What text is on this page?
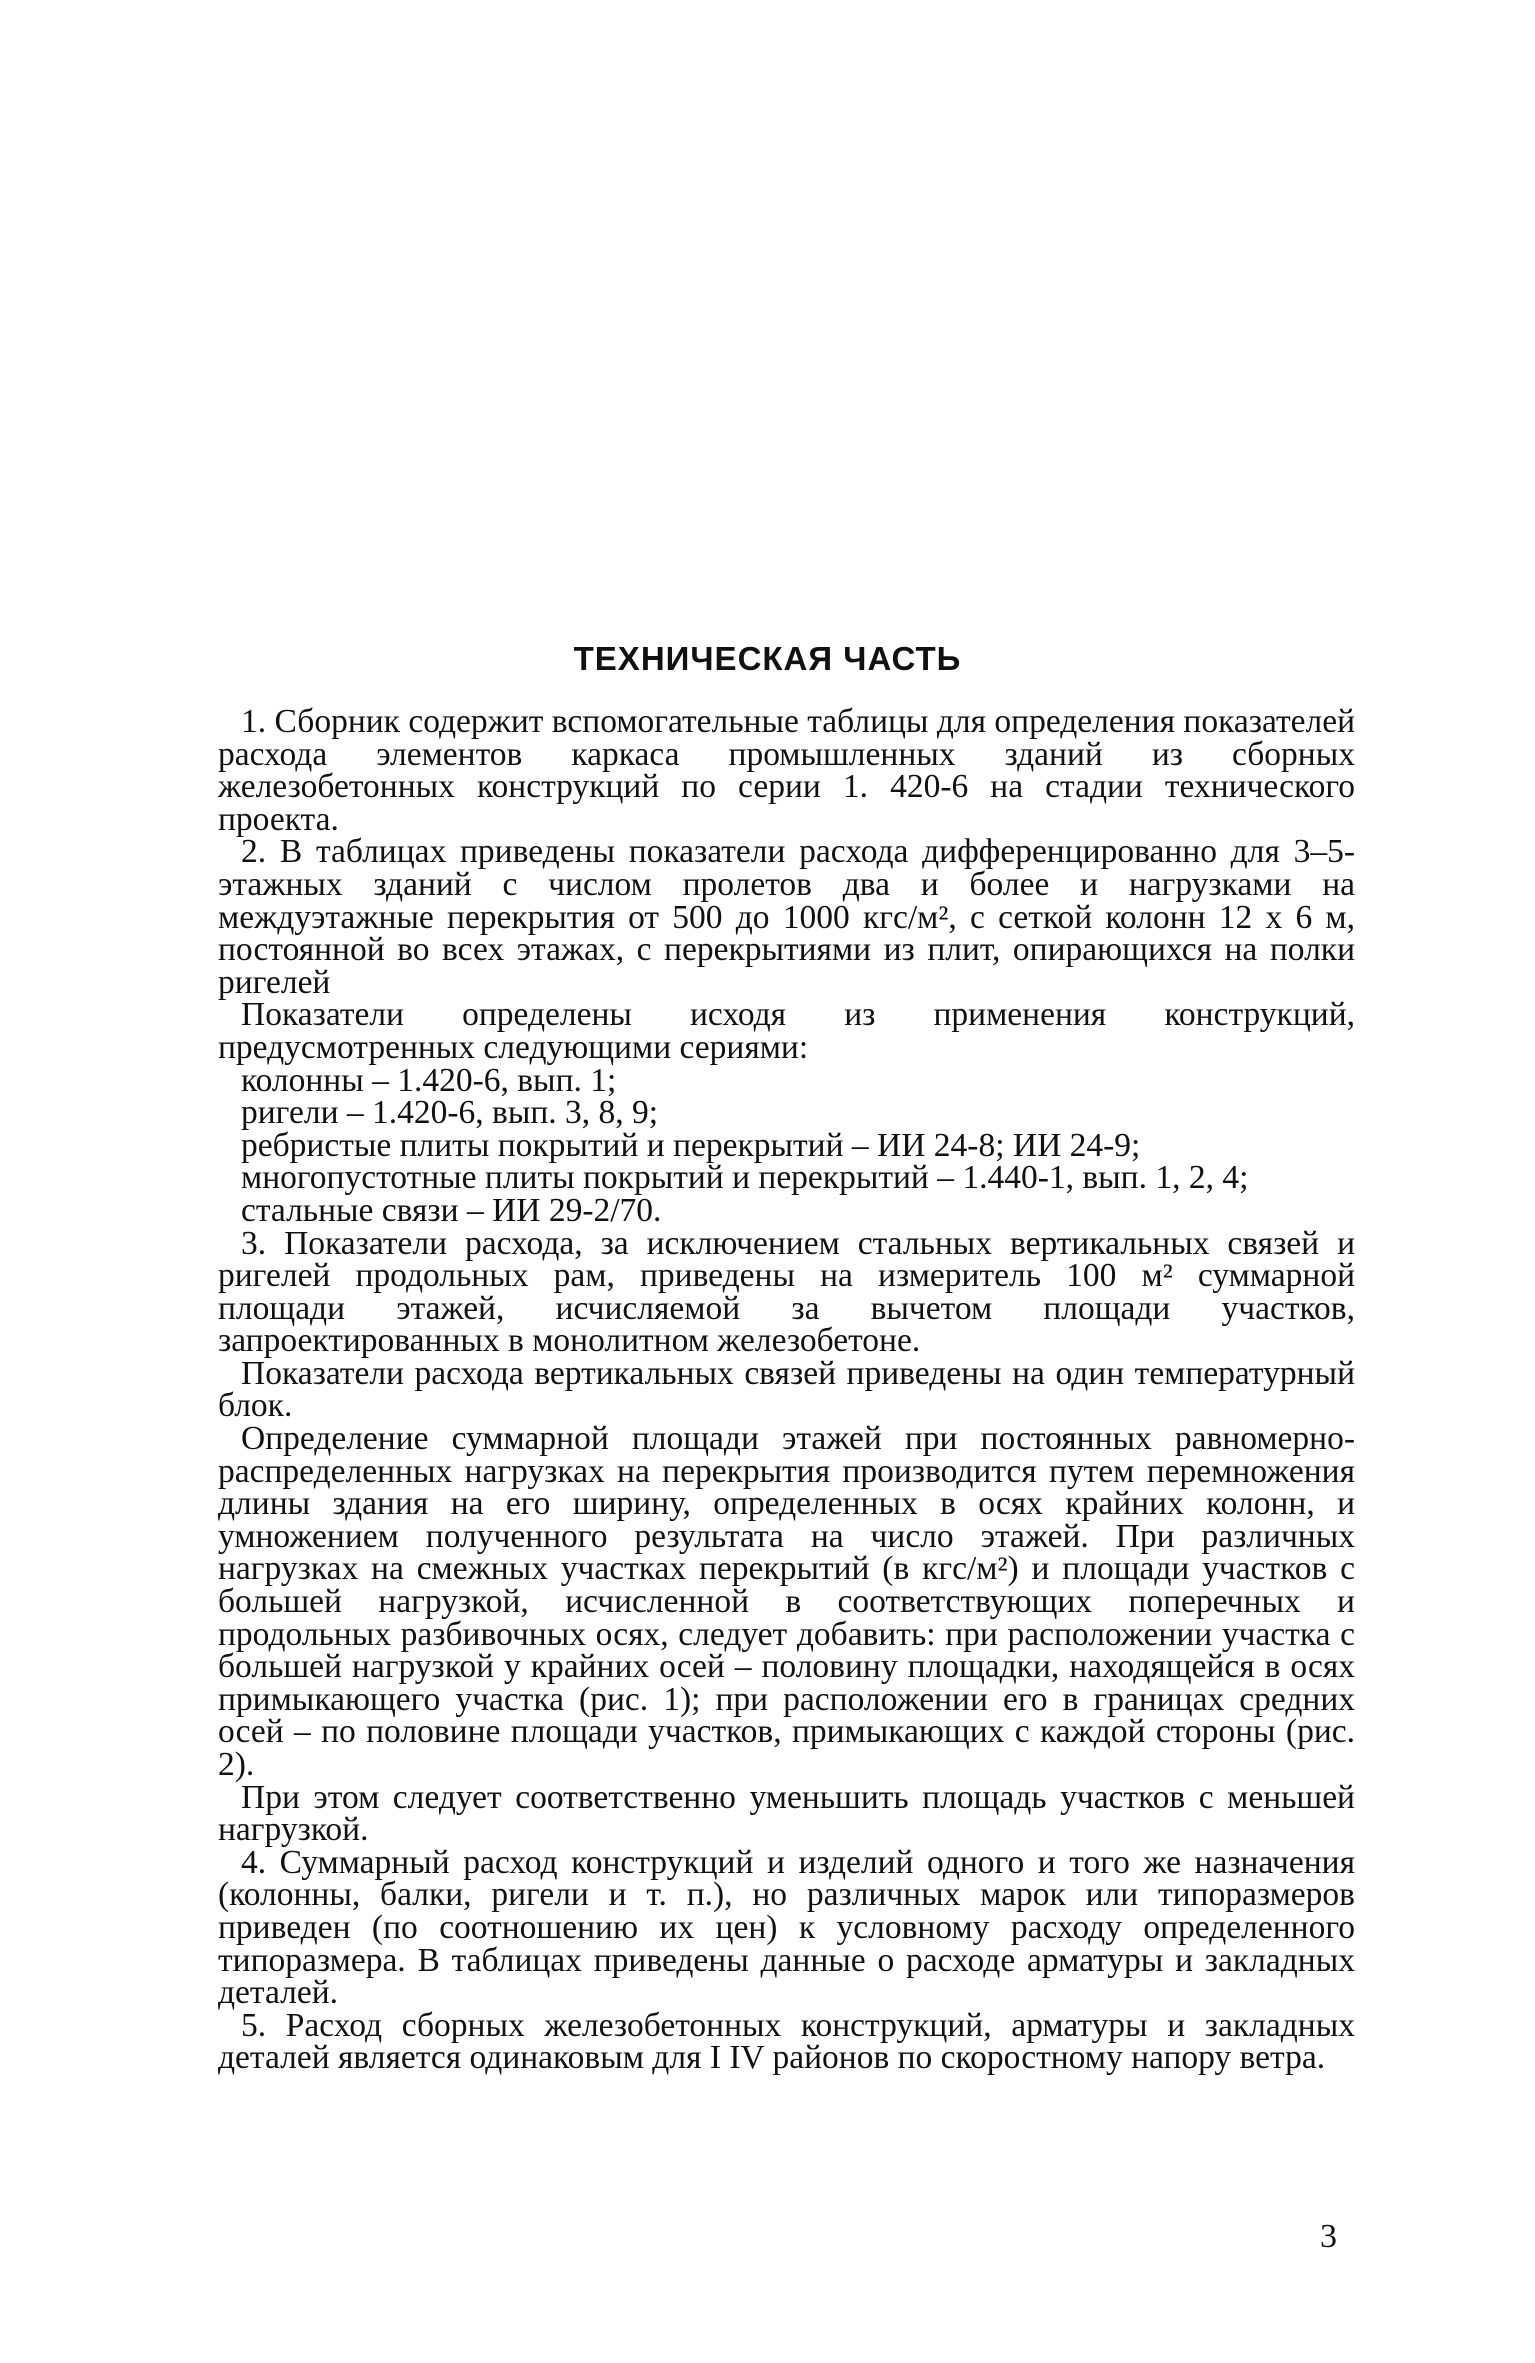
ТЕХНИЧЕСКАЯ ЧАСТЬ

1. Сборник содержит вспомогательные таблицы для определения показателей расхода элементов каркаса промышленных зданий из сборных железобетонных конструкций по серии 1. 420-6 на стадии технического проекта.

2. В таблицах приведены показатели расхода дифференцированно для 3–5-этажных зданий с числом пролетов два и более и нагрузками на междуэтажные перекрытия от 500 до 1000 кгс/м², с сеткой колонн 12 х 6 м, постоянной во всех этажах, с перекрытиями из плит, опирающихся на полки ригелей

Показатели определены исходя из применения конструкций, предусмотренных следующими сериями:

колонны – 1.420-6, вып. 1;

ригели – 1.420-6, вып. 3, 8, 9;

ребристые плиты покрытий и перекрытий – ИИ 24-8; ИИ 24-9;

многопустотные плиты покрытий и перекрытий – 1.440-1, вып. 1, 2, 4;

стальные связи – ИИ 29-2/70.

3. Показатели расхода, за исключением стальных вертикальных связей и ригелей продольных рам, приведены на измеритель 100 м² суммарной площади этажей, исчисляемой за вычетом площади участков, запроектированных в монолитном железобетоне.

Показатели расхода вертикальных связей приведены на один температурный блок.

Определение суммарной площади этажей при постоянных равномерно-распределенных нагрузках на перекрытия производится путем перемножения длины здания на его ширину, определенных в осях крайних колонн, и умножением полученного результата на число этажей. При различных нагрузках на смежных участках перекрытий (в кгс/м²) и площади участков с большей нагрузкой, исчисленной в соответствующих поперечных и продольных разбивочных осях, следует добавить: при расположении участка с большей нагрузкой у крайних осей – половину площадки, находящейся в осях примыкающего участка (рис. 1); при расположении его в границах средних осей – по половине площади участков, примыкающих с каждой стороны (рис. 2).

При этом следует соответственно уменьшить площадь участков с меньшей нагрузкой.

4. Суммарный расход конструкций и изделий одного и того же назначения (колонны, балки, ригели и т. п.), но различных марок или типоразмеров приведен (по соотношению их цен) к условному расходу определенного типоразмера. В таблицах приведены данные о расходе арматуры и закладных деталей.

5. Расход сборных железобетонных конструкций, арматуры и закладных деталей является одинаковым для I IV районов по скоростному напору ветра.

3
